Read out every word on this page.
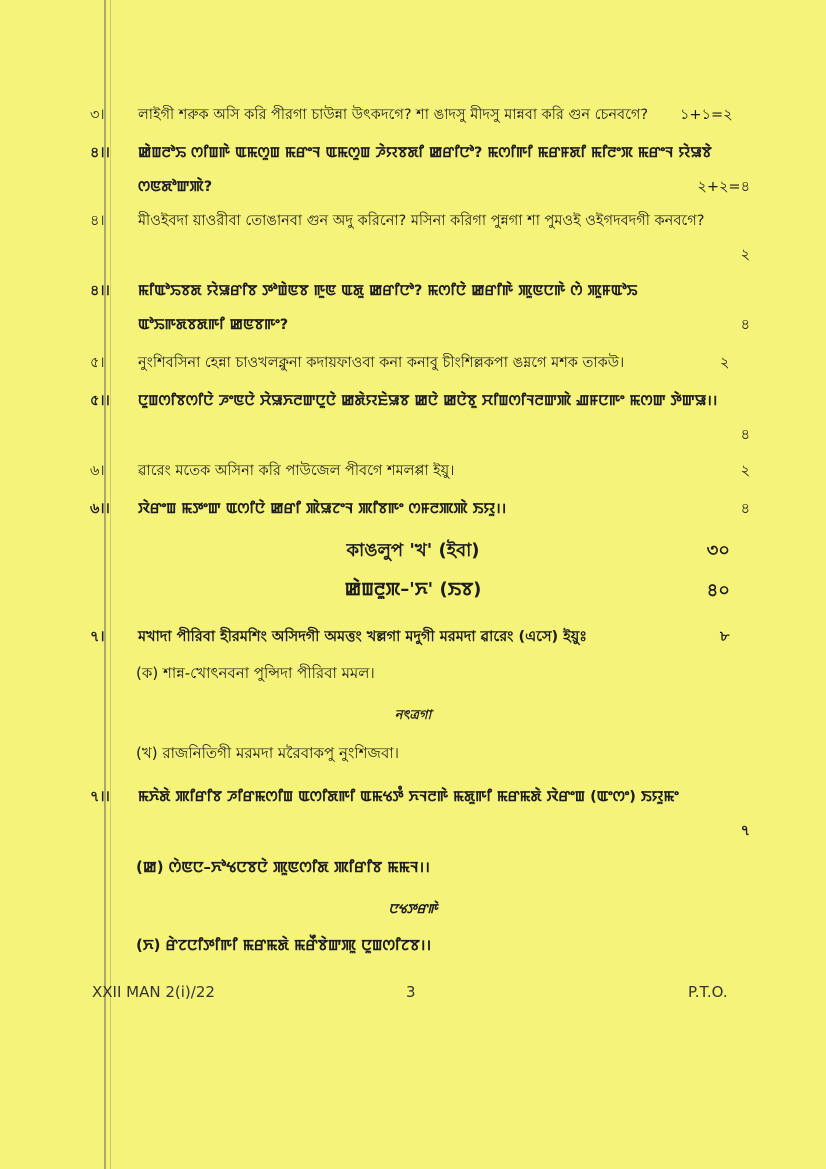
৩।	লাইগী শরুক অসি করি পীরগা চাউন্না উৎকদগে? শা ঙাদসু মীদসু মান্নবা করি গুন চেনবগে?	১+১=২
৪।।	ꯀꯥꯡꯂꯣꯢ ꯁꯤꯡꯒꯥ ꯑꯃꯁꯨꯡ ꯃꯔꯦꯜ ꯑꯃꯁꯨꯡ ꯍꯥꯌꯕꯗꯤ ꯀꯔꯤꯅꯣ? ꯃꯁꯤꯒꯤ ꯃꯔꯝꯗꯤ ꯃꯤꯂꯦꯞ ꯃꯔꯦꯜ ꯌꯥꯎꯕꯥ ꯁꯟꯗꯣꯛꯄꯥ?	২+২=৪
৪।	মীওইবদা য়াওরীবা তোঙানবা গুন অদু করিনো? মসিনা করিগা পুন্নগা শা পুমওই ওইগদবদগী কনবগে?
২
৪।।	ꯃꯤꯑꯣꯢꯕꯗ ꯌꯥꯎꯔꯤꯕ ꯇꯣꯡꯥꯟꯕ ꯒꯨꯟ ꯑꯗꯨ ꯀꯔꯤꯅꯣ? ꯃꯁꯤꯅꯥ ꯀꯔꯤꯒꯥ ꯄꯨꯟꯅꯒꯥ ꯁꯥ ꯄꯨꯝꯑꯣꯢ ꯑꯣꯢꯒꯗꯕꯗꯒꯤ ꯀꯟꯕꯒꯦ?	৪
৫।	নুংশিবসিনা হেন্না চাওখলক্নুনা কদায়ফাওবা কনা কনাবু চীংশিল্লকপা ঙম্নগে মশক তাকউ।	২
৫।।	ꯅꯨꯡꯁꯤꯕꯁꯤꯅꯥ ꯍꯦꯟꯅꯥ ꯆꯥꯎꯈꯂꯛꯅꯨꯅꯥ ꯀꯗꯥꯌꯐꯥꯎꯕ ꯀꯅꯥ ꯀꯅꯥꯕꯨ ꯆꯤꯡꯁꯤꯜꯂꯛꯄꯥ ꯉꯝꯅꯒꯦ ꯃꯁꯛ ꯇꯥꯛꯎ।।
৪
৬।	ৱারেং মতেক অসিনা করি পাউজেল পীবগে শমলপ্পা ইয়ু।	২
৬।।	ꯋꯥꯔꯦꯡ ꯃꯇꯦꯛ ꯑꯁꯤꯅꯥ ꯀꯔꯤ ꯄꯥꯎꯖꯦꯜ ꯄꯤꯕꯒꯦ ꯁꯝꯂꯄꯄꯥ ꯏꯌꯨ।।	৪
কাঙলুপ 'খ' (ইবা)	৩০
ꯀꯥꯡꯂꯨꯞ–'ꯈ' (ꯏꯕ)	৪০
৭।	মখাদা পীরিবা হীরমশিং অসিদগী অমত্তং খল্লগা মদুগী মরমদা ৱারেং (এসে) ইয়ুঃ	৮
(ক) শান্ন-খোৎনবনা পুন্সিদা পীরিবা মমল।
নৎত্রগা
(খ) রাজনিতিগী মরমদা মরৈবাকপু নুংশিজবা।
৭।।	ꯃꯈꯥꯗꯥ ꯄꯤꯔꯤꯕ ꯍꯤꯔꯃꯁꯤꯡ ꯑꯁꯤꯗꯒꯤ ꯑꯃꯠꯇꯪ ꯈꯜꯂꯒꯥ ꯃꯗꯨꯒꯤ ꯃꯔꯃꯗꯥ ꯋꯥꯔꯦꯡ (ꯑꯦꯁꯦ) ꯏꯌꯨꯃꯦ
৭
(ꯀ) ꯁꯥꯟꯅ–ꯈꯣꯠꯅꯕꯅꯥ ꯄꯨꯟꯁꯤꯗ ꯄꯤꯔꯤꯕ ꯃꯃꯜ।।
ꯅꯠꯇꯔꯒꯥ
(ꯈ) ꯔꯥꯖꯅꯤꯇꯤꯒꯤ ꯃꯔꯃꯗꯥ ꯃꯔꯩꯕꯥꯛꯄꯨ ꯅꯨꯡꯁꯤꯖꯕ।।
XXII MAN 2(i)/22	3	P.T.O.
